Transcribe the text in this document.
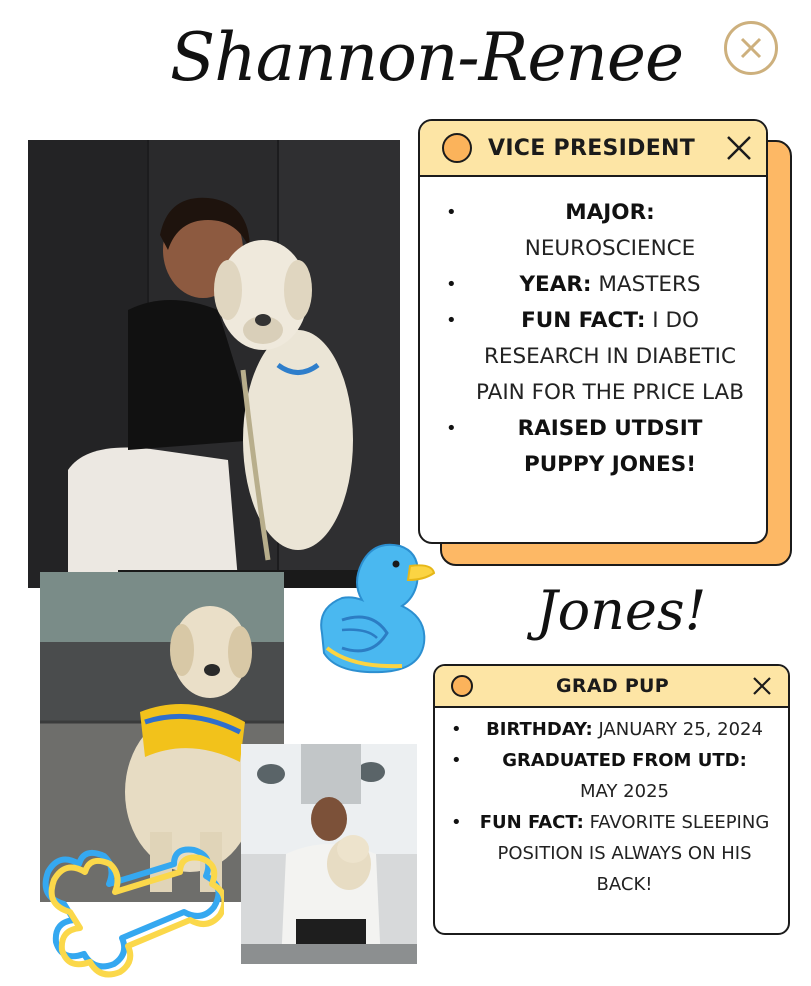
Shannon-Renee
VICE PRESIDENT
•	MAJOR:
NEUROSCIENCE
•	YEAR: MASTERS
•	FUN FACT: I DO RESEARCH IN DIABETIC PAIN FOR THE PRICE LAB
•	RAISED UTDSIT PUPPY JONES!
Jones!
GRAD PUP
• BIRTHDAY: JANUARY 25, 2024
• GRADUATED FROM UTD:
MAY 2025
• FUN FACT: FAVORITE SLEEPING POSITION IS ALWAYS ON HIS BACK!
